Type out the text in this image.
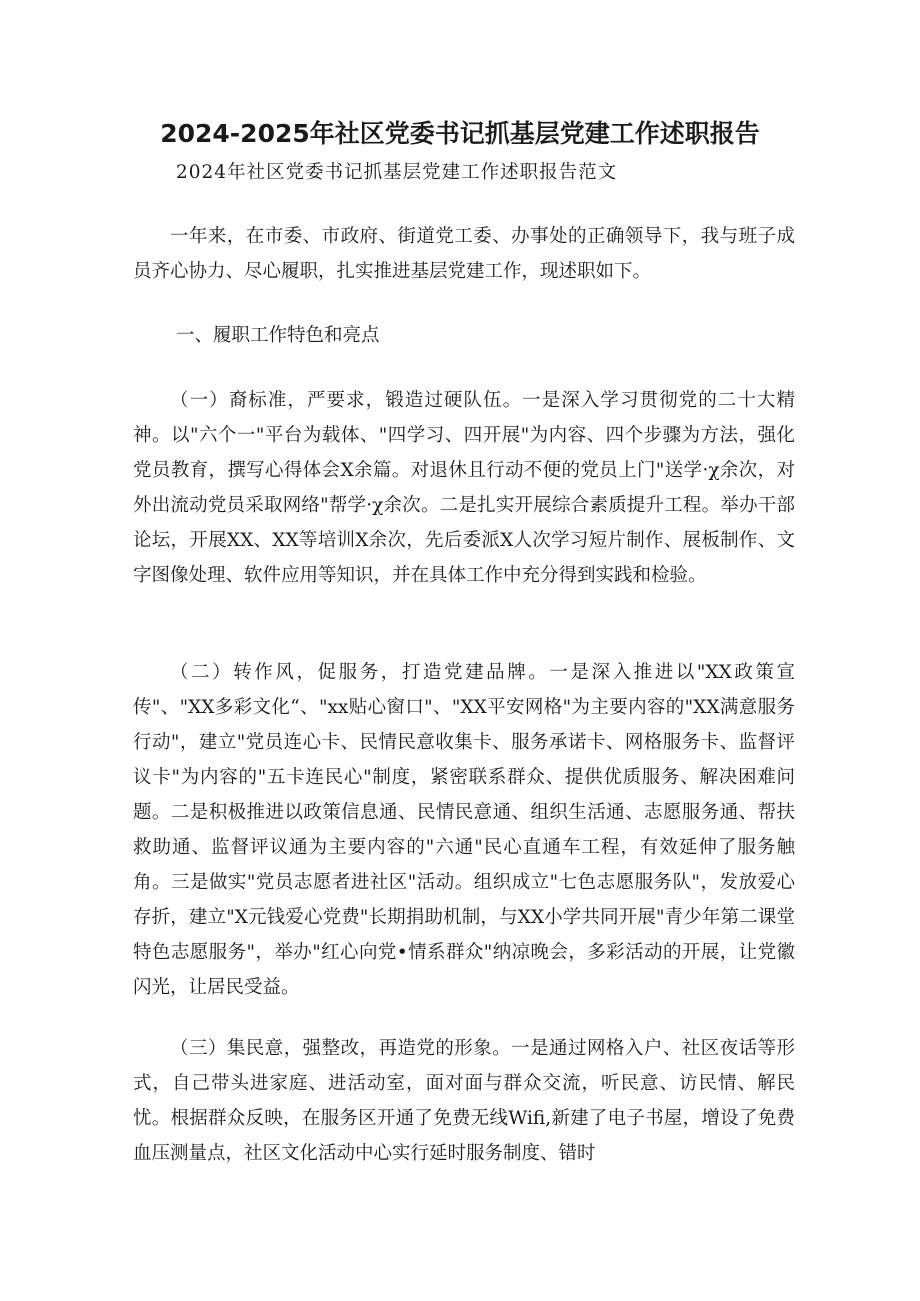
2024-2025年社区党委书记抓基层党建工作述职报告

2024年社区党委书记抓基层党建工作述职报告范文

一年来，在市委、市政府、街道党工委、办事处的正确领导下，我与班子成员齐心协力、尽心履职，扎实推进基层党建工作，现述职如下。

一、履职工作特色和亮点

（一）裔标准，严要求，锻造过硬队伍。一是深入学习贯彻党的二十大精神。以"六个一"平台为载体、"四学习、四开展"为内容、四个步骤为方法，强化党员教育，撰写心得体会X余篇。对退休且行动不便的党员上门"送学·χ余次，对外出流动党员采取网络"帮学·χ余次。二是扎实开展综合素质提升工程。举办干部论坛，开展XX、XX等培训X余次，先后委派X人次学习短片制作、展板制作、文字图像处理、软件应用等知识，并在具体工作中充分得到实践和检验。

（二）转作风，促服务，打造党建品牌。一是深入推进以"XX政策宣传"、"XX多彩文化“、"xx贴心窗口"、"XX平安网格"为主要内容的"XX满意服务行动"，建立"党员连心卡、民情民意收集卡、服务承诺卡、网格服务卡、监督评议卡"为内容的"五卡连民心"制度，紧密联系群众、提供优质服务、解决困难问题。二是积极推进以政策信息通、民情民意通、组织生活通、志愿服务通、帮扶救助通、监督评议通为主要内容的"六通"民心直通车工程，有效延伸了服务触角。三是做实"党员志愿者进社区"活动。组织成立"七色志愿服务队"，发放爱心存折，建立"X元钱爱心党费"长期捐助机制，与XX小学共同开展"青少年第二课堂特色志愿服务"，举办"红心向党•情系群众"纳凉晚会，多彩活动的开展，让党徽闪光，让居民受益。

（三）集民意，强整改，再造党的形象。一是通过网格入户、社区夜话等形式，自己带头进家庭、进活动室，面对面与群众交流，听民意、访民情、解民忧。根据群众反映，在服务区开通了免费无线Wifi,新建了电子书屋，增设了免费血压测量点，社区文化活动中心实行延时服务制度、错时
